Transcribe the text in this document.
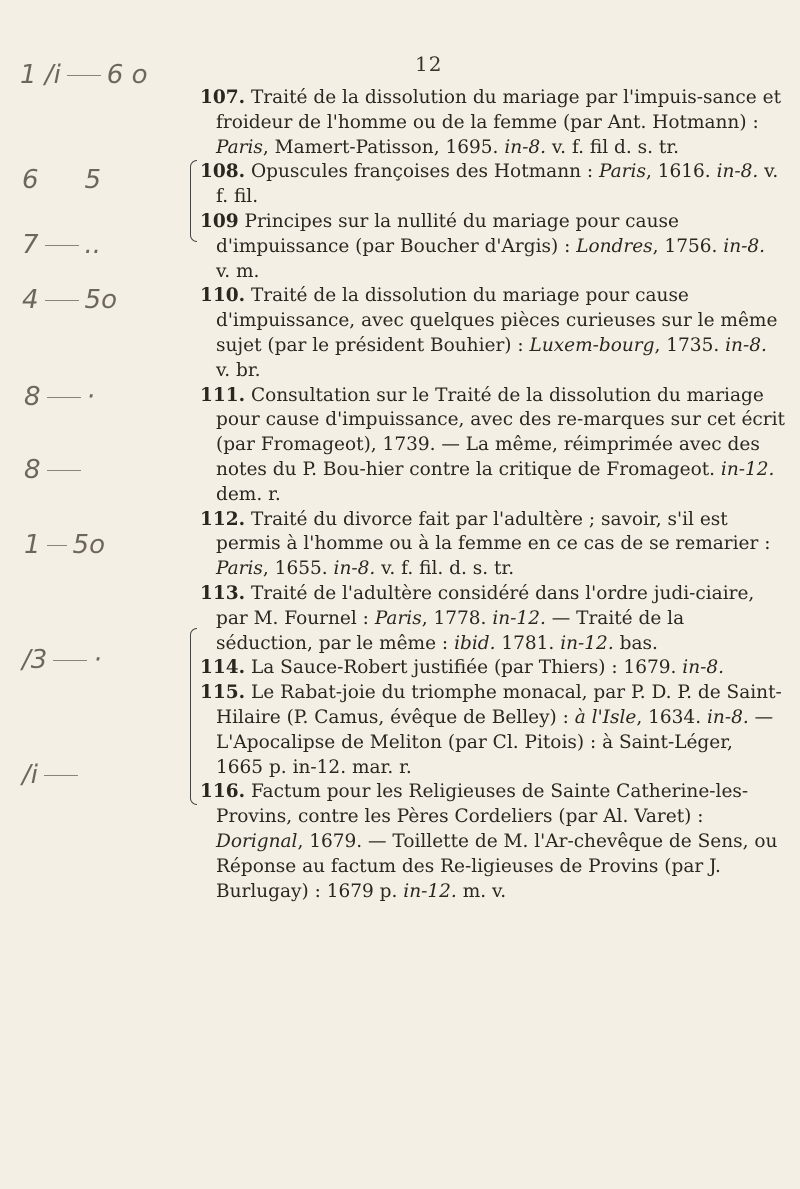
12
1 /i 6 o
6 5
7 ..
4 5o
8 ·
8
1 5o
/3 ·
/i

107. Traité de la dissolution du mariage par l'impuis-sance et froideur de l'homme ou de la femme (par Ant. Hotmann) : Paris, Mamert-Patisson, 1695. in-8. v. f. fil d. s. tr.

108. Opuscules françoises des Hotmann : Paris, 1616. in-8. v. f. fil.

109 Principes sur la nullité du mariage pour cause d'impuissance (par Boucher d'Argis) : Londres, 1756. in-8. v. m.

110. Traité de la dissolution du mariage pour cause d'impuissance, avec quelques pièces curieuses sur le même sujet (par le président Bouhier) : Luxem-bourg, 1735. in-8. v. br.

111. Consultation sur le Traité de la dissolution du mariage pour cause d'impuissance, avec des re-marques sur cet écrit (par Fromageot), 1739. — La même, réimprimée avec des notes du P. Bou-hier contre la critique de Fromageot. in-12. dem. r.

112. Traité du divorce fait par l'adultère ; savoir, s'il est permis à l'homme ou à la femme en ce cas de se remarier : Paris, 1655. in-8. v. f. fil. d. s. tr.

113. Traité de l'adultère considéré dans l'ordre judi-ciaire, par M. Fournel : Paris, 1778. in-12. — Traité de la séduction, par le même : ibid. 1781. in-12. bas.

114. La Sauce-Robert justifiée (par Thiers) : 1679. in-8.

115. Le Rabat-joie du triomphe monacal, par P. D. P. de Saint-Hilaire (P. Camus, évêque de Belley) : à l'Isle, 1634. in-8. — L'Apocalipse de Meliton (par Cl. Pitois) : à Saint-Léger, 1665 p. in-12. mar. r.

116. Factum pour les Religieuses de Sainte Catherine-les-Provins, contre les Pères Cordeliers (par Al. Varet) : Dorignal, 1679. — Toillette de M. l'Ar-chevêque de Sens, ou Réponse au factum des Re-ligieuses de Provins (par J. Burlugay) : 1679 p. in-12. m. v.
